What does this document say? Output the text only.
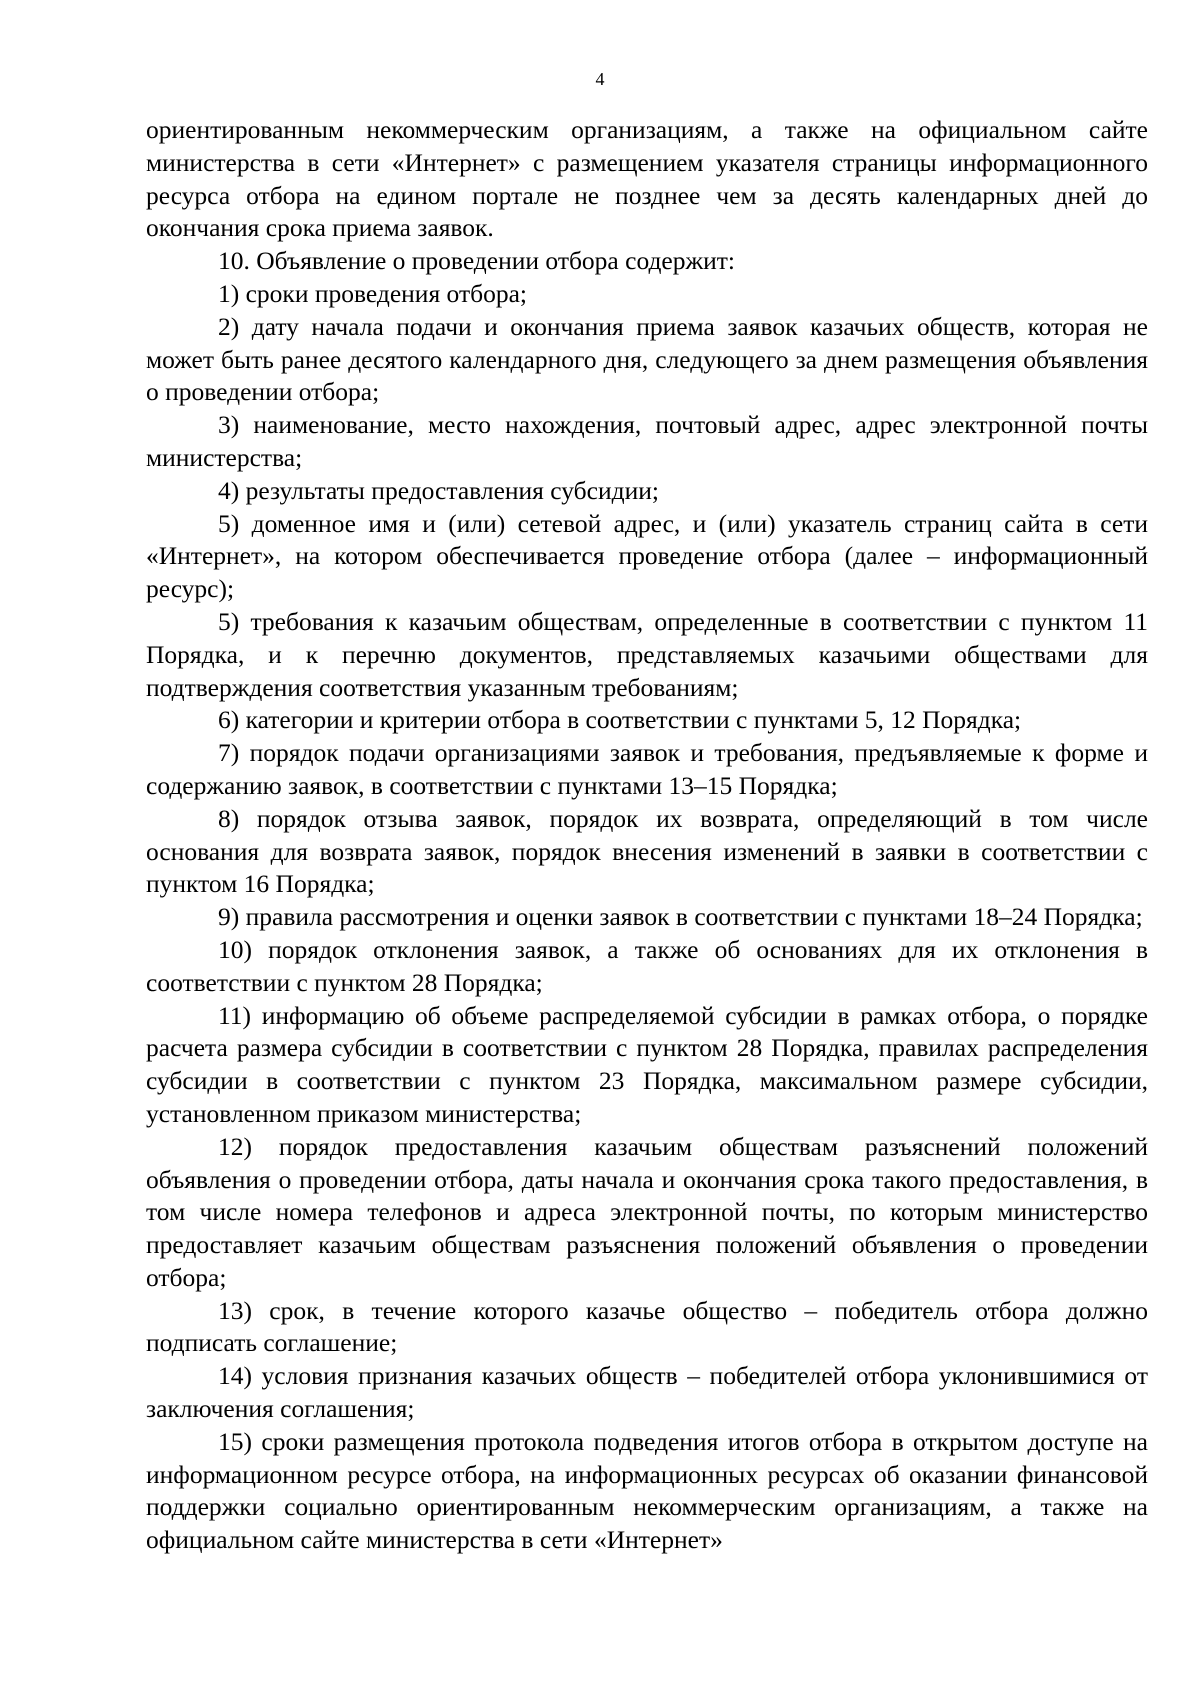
4

ориентированным некоммерческим организациям, а также на официальном сайте министерства в сети «Интернет» с размещением указателя страницы информационного ресурса отбора на едином портале не позднее чем за десять календарных дней до окончания срока приема заявок.

10. Объявление о проведении отбора содержит:

1) сроки проведения отбора;

2) дату начала подачи и окончания приема заявок казачьих обществ, которая не может быть ранее десятого календарного дня, следующего за днем размещения объявления о проведении отбора;

3) наименование, место нахождения, почтовый адрес, адрес электронной почты министерства;

4) результаты предоставления субсидии;

5) доменное имя и (или) сетевой адрес, и (или) указатель страниц сайта в сети «Интернет», на котором обеспечивается проведение отбора (далее – информационный ресурс);

5) требования к казачьим обществам, определенные в соответствии с пунктом 11 Порядка, и к перечню документов, представляемых казачьими обществами для подтверждения соответствия указанным требованиям;

6) категории и критерии отбора в соответствии с пунктами 5, 12 Порядка;

7) порядок подачи организациями заявок и требования, предъявляемые к форме и содержанию заявок, в соответствии с пунктами 13–15 Порядка;

8) порядок отзыва заявок, порядок их возврата, определяющий в том числе основания для возврата заявок, порядок внесения изменений в заявки в соответствии с пунктом 16 Порядка;

9) правила рассмотрения и оценки заявок в соответствии с пунктами 18–24 Порядка;

10) порядок отклонения заявок, а также об основаниях для их отклонения в соответствии с пунктом 28 Порядка;

11) информацию об объеме распределяемой субсидии в рамках отбора, о порядке расчета размера субсидии в соответствии с пунктом 28 Порядка, правилах распределения субсидии в соответствии с пунктом 23 Порядка, максимальном размере субсидии, установленном приказом министерства;

12) порядок предоставления казачьим обществам разъяснений положений объявления о проведении отбора, даты начала и окончания срока такого предоставления, в том числе номера телефонов и адреса электронной почты, по которым министерство предоставляет казачьим обществам разъяснения положений объявления о проведении отбора;

13) срок, в течение которого казачье общество – победитель отбора должно подписать соглашение;

14) условия признания казачьих обществ – победителей отбора уклонившимися от заключения соглашения;

15) сроки размещения протокола подведения итогов отбора в открытом доступе на информационном ресурсе отбора, на информационных ресурсах об оказании финансовой поддержки социально ориентированным некоммерческим организациям, а также на официальном сайте министерства в сети «Интернет»
